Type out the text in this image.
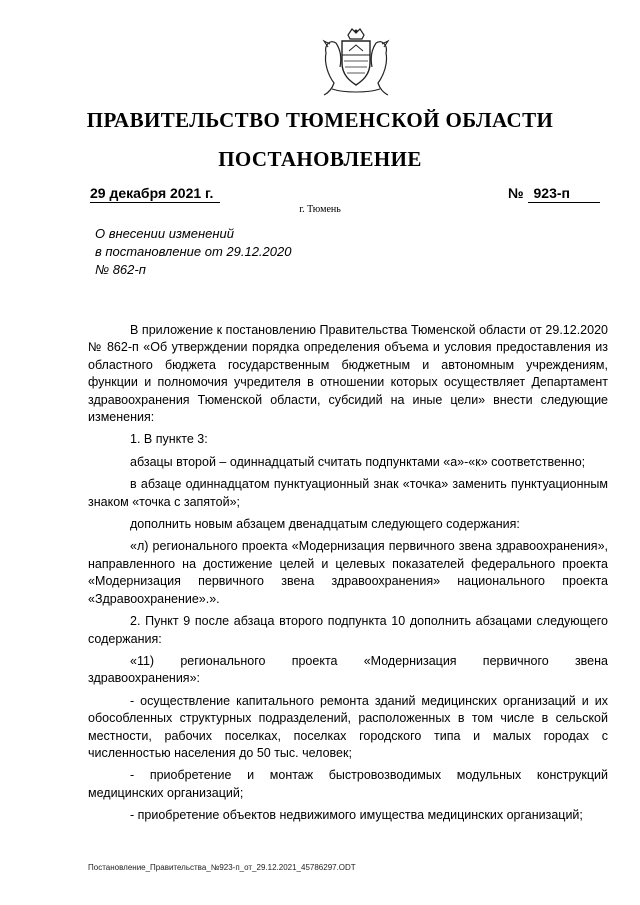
ПРАВИТЕЛЬСТВО ТЮМЕНСКОЙ ОБЛАСТИ
ПОСТАНОВЛЕНИЕ
29 декабря 2021 г.	№ 923-п
г. Тюмень
О внесении изменений
в постановление от 29.12.2020
№ 862-п

В приложение к постановлению Правительства Тюменской области от 29.12.2020 № 862-п «Об утверждении порядка определения объема и условия предоставления из областного бюджета государственным бюджетным и автономным учреждениям, функции и полномочия учредителя в отношении которых осуществляет Департамент здравоохранения Тюменской области, субсидий на иные цели» внести следующие изменения:

1. В пункте 3:

абзацы второй – одиннадцатый считать подпунктами «а»-«к» соответственно;

в абзаце одиннадцатом пунктуационный знак «точка» заменить пунктуационным знаком «точка с запятой»;

дополнить новым абзацем двенадцатым следующего содержания:

«л) регионального проекта «Модернизация первичного звена здравоохранения», направленного на достижение целей и целевых показателей федерального проекта «Модернизация первичного звена здравоохранения» национального проекта «Здравоохранение».».

2. Пункт 9 после абзаца второго подпункта 10 дополнить абзацами следующего содержания:

«11) регионального проекта «Модернизация первичного звена здравоохранения»:

- осуществление капитального ремонта зданий медицинских организаций и их обособленных структурных подразделений, расположенных в том числе в сельской местности, рабочих поселках, поселках городского типа и малых городах с численностью населения до 50 тыс. человек;

- приобретение и монтаж быстровозводимых модульных конструкций медицинских организаций;

- приобретение объектов недвижимого имущества медицинских организаций;

Постановление_Правительства_№923-п_от_29.12.2021_45786297.ODT
